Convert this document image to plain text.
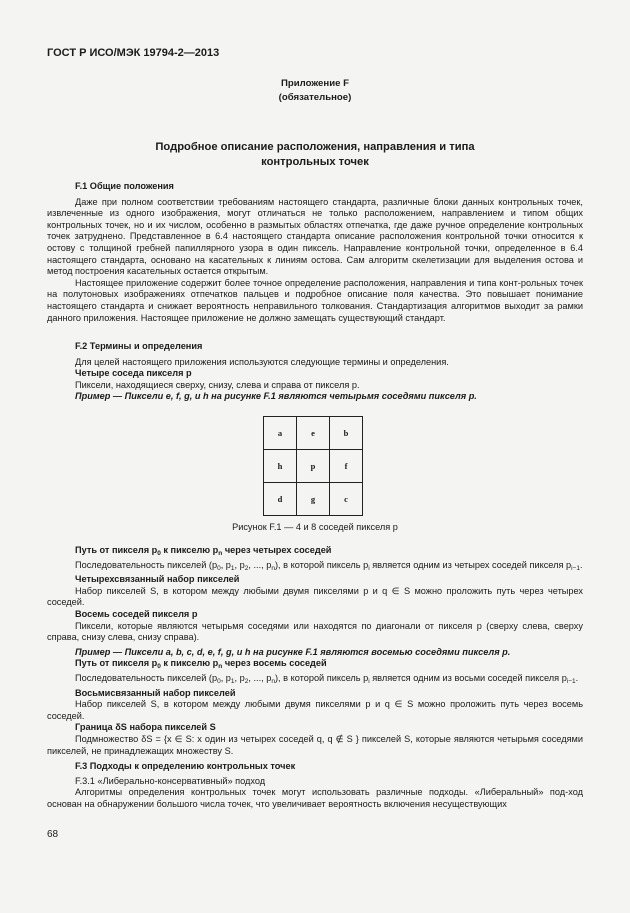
ГОСТ Р ИСО/МЭК 19794-2—2013
Приложение F
(обязательное)
Подробное описание расположения, направления и типа
контрольных точек

F.1 Общие положения

Даже при полном соответствии требованиям настоящего стандарта, различные блоки данных контрольных точек, извлеченные из одного изображения, могут отличаться не только расположением, направлением и типом общих контрольных точек, но и их числом, особенно в размытых областях отпечатка, где даже ручное определение контрольных точек затруднено. Представленное в 6.4 настоящего стандарта описание расположения контрольной точки относится к остову с толщиной гребней папиллярного узора в один пиксель. Направление контрольной точки, определенное в 6.4 настоящего стандарта, основано на касательных к линиям остова. Сам алгоритм скелетизации для выделения остова и метод построения касательных остается открытым.

Настоящее приложение содержит более точное определение расположения, направления и типа конт-рольных точек на полутоновых изображениях отпечатков пальцев и подробное описание поля качества. Это повышает понимание настоящего стандарта и снижает вероятность неправильного толкования. Стандартизация алгоритмов выходит за рамки данного приложения. Настоящее приложение не должно замещать существующий стандарт.

F.2 Термины и определения

Для целей настоящего приложения используются следующие термины и определения.

Четыре соседа пикселя p

Пиксели, находящиеся сверху, снизу, слева и справа от пикселя p.

Пример — Пиксели e, f, g, и h на рисунке F.1 являются четырьмя соседями пикселя p.

a	e	b
h	p	f
d	g	c
Рисунок F.1 — 4 и 8 соседей пикселя p

Путь от пикселя $p_0$ к пикселю $p_n$ через четырех соседей

Последовательность пикселей ($p_0$, $p_1$, $p_2$, ..., $p_n$), в которой пиксель $p_i$ является одним из четырех соседей пикселя $p_{i-1}$.

Четырехсвязанный набор пикселей

Набор пикселей S, в котором между любыми двумя пикселями p и q ∈ S можно проложить путь через четырех соседей.

Восемь соседей пикселя p

Пиксели, которые являются четырьмя соседями или находятся по диагонали от пикселя p (сверху слева, сверху справа, снизу слева, снизу справа).

Пример — Пиксели a, b, c, d, e, f, g, и h на рисунке F.1 являются восемью соседями пикселя p.

Путь от пикселя $p_0$ к пикселю $p_n$ через восемь соседей

Последовательность пикселей ($p_0$, $p_1$, $p_2$, ..., $p_n$), в которой пиксель $p_i$ является одним из восьми соседей пикселя $p_{i-1}$.

Восьмисвязанный набор пикселей

Набор пикселей S, в котором между любыми двумя пикселями p и q ∈ S можно проложить путь через восемь соседей.

Граница δS набора пикселей S

Подмножество δS = {x ∈ S: x один из четырех соседей q, q ∉ S } пикселей S, которые являются четырьмя соседями пикселей, не принадлежащих множеству S.

F.3 Подходы к определению контрольных точек

F.3.1 «Либерально-консервативный» подход

Алгоритмы определения контрольных точек могут использовать различные подходы. «Либеральный» под-ход основан на обнаружении большого числа точек, что увеличивает вероятность включения несуществующих

68
